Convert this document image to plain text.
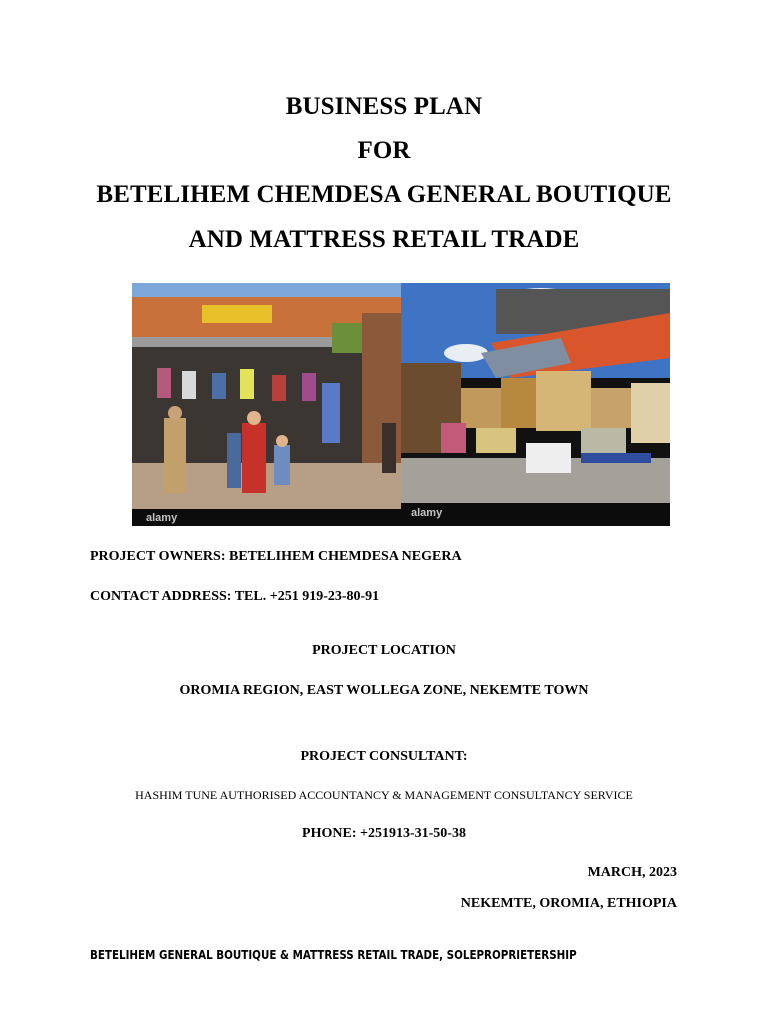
BUSINESS PLAN
FOR
BETELIHEM CHEMDESA GENERAL BOUTIQUE
AND MATTRESS RETAIL TRADE
alamy	alamy
PROJECT OWNERS: BETELIHEM CHEMDESA NEGERA
CONTACT ADDRESS: TEL. +251 919-23-80-91
PROJECT LOCATION
OROMIA REGION, EAST WOLLEGA ZONE, NEKEMTE TOWN
PROJECT CONSULTANT:
HASHIM TUNE AUTHORISED ACCOUNTANCY & MANAGEMENT CONSULTANCY SERVICE
PHONE: +251913-31-50-38
MARCH, 2023
NEKEMTE, OROMIA, ETHIOPIA
BETELIHEM GENERAL BOUTIQUE & MATTRESS RETAIL TRADE, SOLEPROPRIETERSHIP
